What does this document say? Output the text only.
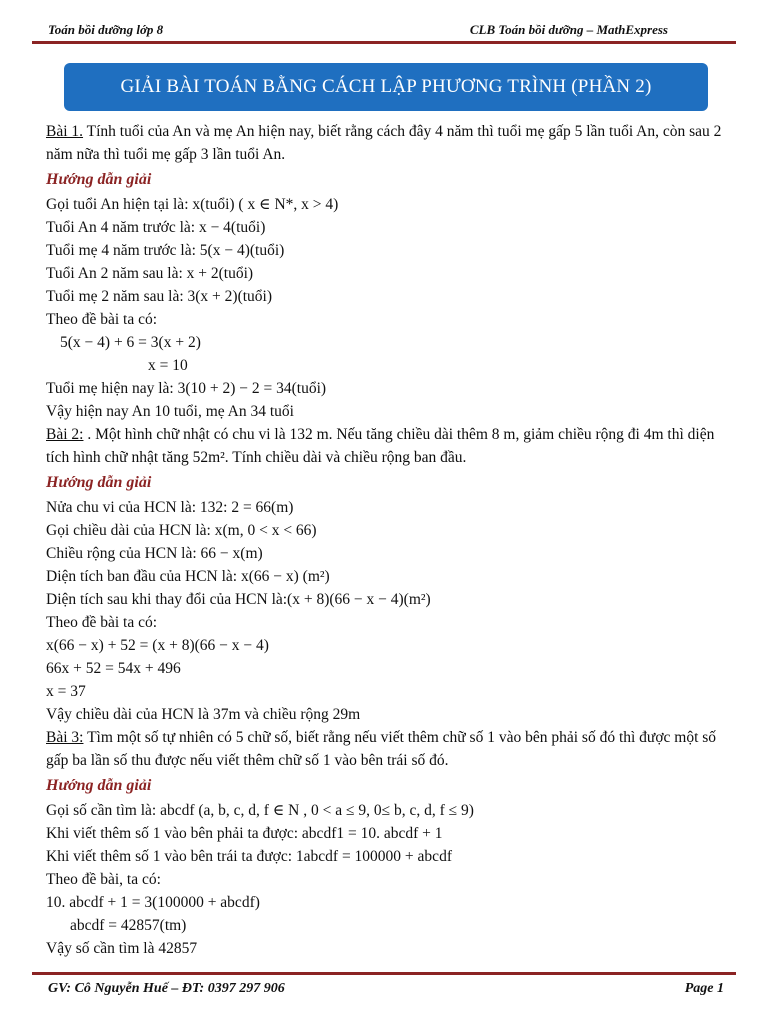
Toán bồi dưỡng lớp 8	CLB Toán bồi dưỡng – MathExpress
GIẢI BÀI TOÁN BẰNG CÁCH LẬP PHƯƠNG TRÌNH (PHẦN 2)
Bài 1. Tính tuổi của An và mẹ An hiện nay, biết rằng cách đây 4 năm thì tuổi mẹ gấp 5 lần tuổi An, còn sau 2 năm nữa thì tuổi mẹ gấp 3 lần tuổi An.
Hướng dẫn giải
Gọi tuổi An hiện tại là: x(tuổi) ( x ∈ N*, x > 4)
Tuổi An 4 năm trước là: x − 4(tuổi)
Tuổi mẹ 4 năm trước là: 5(x − 4)(tuổi)
Tuổi An 2 năm sau là: x + 2(tuổi)
Tuổi mẹ 2 năm sau là: 3(x + 2)(tuổi)
Theo đề bài ta có:
5(x − 4) + 6 = 3(x + 2)
x = 10
Tuổi mẹ hiện nay là: 3(10 + 2) − 2 = 34(tuổi)
Vậy hiện nay An 10 tuổi, mẹ An 34 tuổi
Bài 2: . Một hình chữ nhật có chu vi là 132 m. Nếu tăng chiều dài thêm 8 m, giảm chiều rộng đi 4m thì diện tích hình chữ nhật tăng 52m². Tính chiều dài và chiều rộng ban đầu.
Hướng dẫn giải
Nửa chu vi của HCN là: 132: 2 = 66(m)
Gọi chiều dài của HCN là: x(m, 0 < x < 66)
Chiều rộng của HCN là: 66 − x(m)
Diện tích ban đầu của HCN là: x(66 − x) (m²)
Diện tích sau khi thay đổi của HCN là:(x + 8)(66 − x − 4)(m²)
Theo đề bài ta có:
x(66 − x) + 52 = (x + 8)(66 − x − 4)
66x + 52 = 54x + 496
x = 37
Vậy chiều dài của HCN là 37m và chiều rộng 29m
Bài 3: Tìm một số tự nhiên có 5 chữ số, biết rằng nếu viết thêm chữ số 1 vào bên phải số đó thì được một số gấp ba lần số thu được nếu viết thêm chữ số 1 vào bên trái số đó.
Hướng dẫn giải
Gọi số cần tìm là: abcdf (a, b, c, d, f ∈ N , 0 < a ≤ 9, 0≤ b, c, d, f ≤ 9)
Khi viết thêm số 1 vào bên phải ta được: abcdf1 = 10. abcdf + 1
Khi viết thêm số 1 vào bên trái ta được: 1abcdf = 100000 + abcdf
Theo đề bài, ta có:
10. abcdf + 1 = 3(100000 + abcdf)
abcdf = 42857(tm)
Vậy số cần tìm là 42857
GV: Cô Nguyễn Huế – ĐT: 0397 297 906	Page 1
